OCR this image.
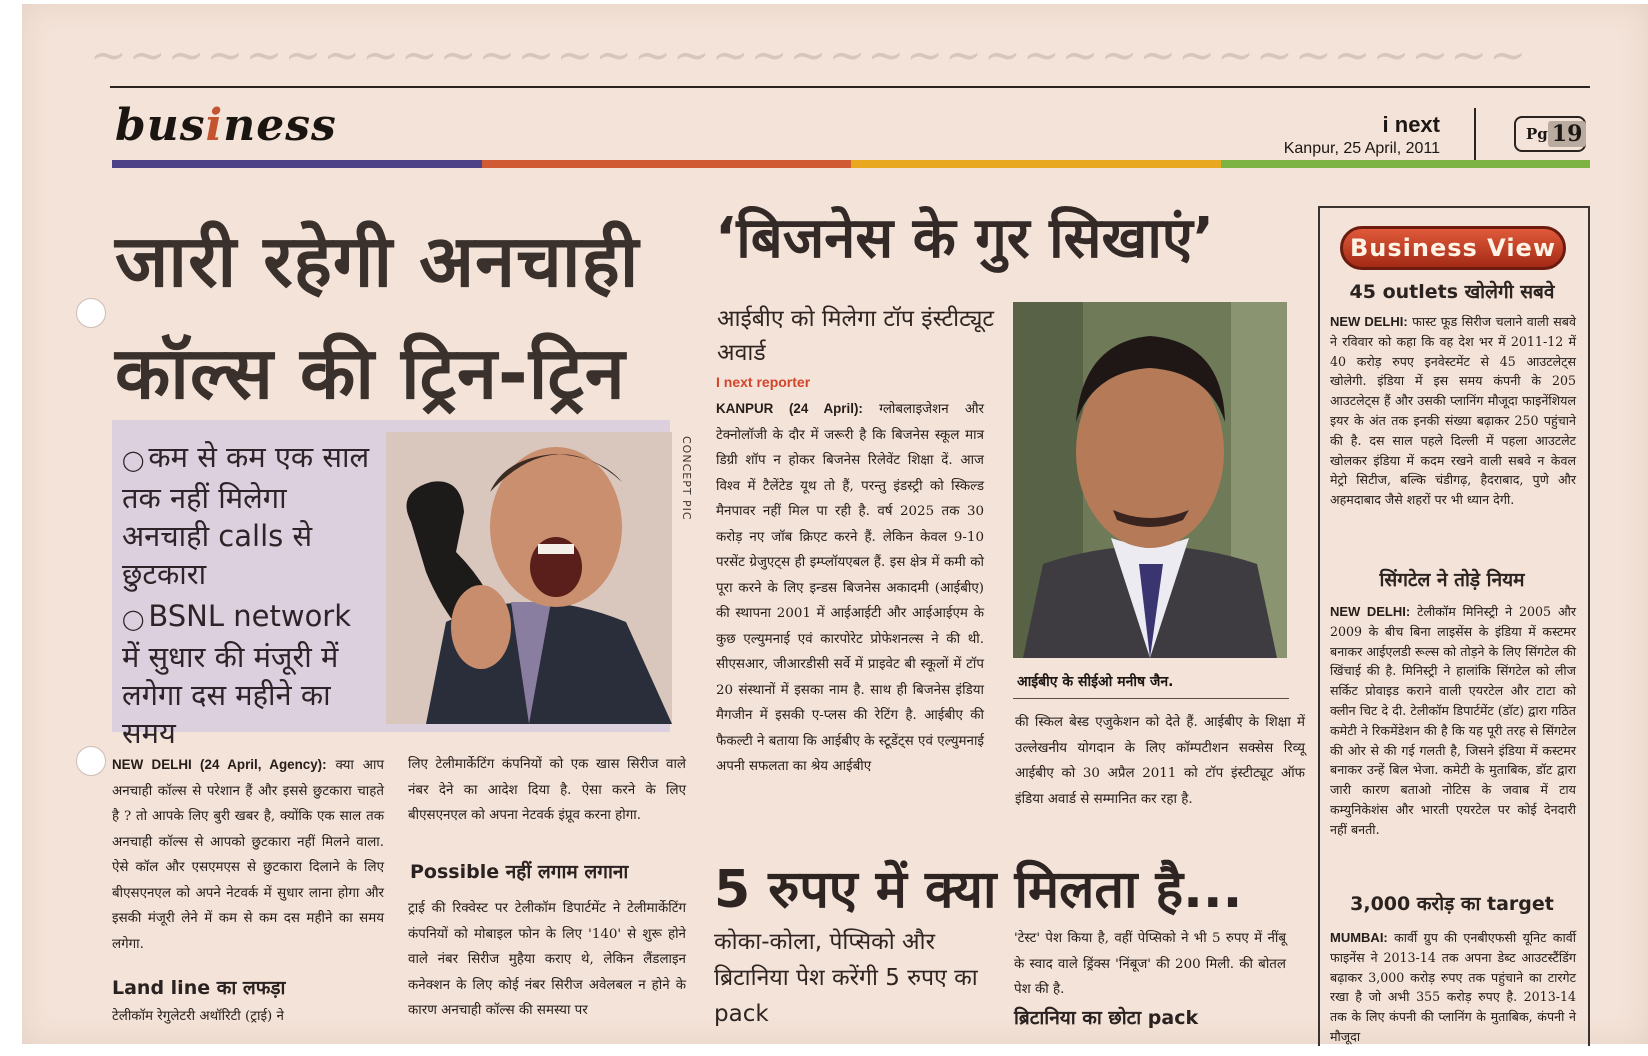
~~~~~~~~~~~~~~~~~~~~~~~~~~~~~~~~~~~~~
business	i next
Kanpur, 25 April, 2011
Pg 19
जारी रहेगी अनचाही कॉल्स की ट्रिन-ट्रिन
◯ कम से कम एक साल तक नहीं मिलेगा अनचाही calls से छुटकारा
◯ BSNL network में सुधार की मंजूरी में लगेगा दस महीने का समय
CONCEPT PIC
NEW DELHI (24 April, Agency): क्या आप अनचाही कॉल्स से परेशान हैं और इससे छुटकारा चाहते है ? तो आपके लिए बुरी खबर है, क्योंकि एक साल तक अनचाही कॉल्स से आपको छुटकारा नहीं मिलने वाला. ऐसे कॉल और एसएमएस से छुटकारा दिलाने के लिए बीएसएनएल को अपने नेटवर्क में सुधार लाना होगा और इसकी मंजूरी लेने में कम से कम दस महीने का समय लगेगा.
Land line का लफड़ा
टेलीकॉम रेगुलेटरी अथॉरिटी (ट्राई) ने
लिए टेलीमार्केटिंग कंपनियों को एक खास सिरीज वाले नंबर देने का आदेश दिया है. ऐसा करने के लिए बीएसएनएल को अपना नेटवर्क इंप्रूव करना होगा.
Possible नहीं लगाम लगाना
ट्राई की रिक्वेस्ट पर टेलीकॉम डिपार्टमेंट ने टेलीमार्केटिंग कंपनियों को मोबाइल फोन के लिए '140' से शुरू होने वाले नंबर सिरीज मुहैया कराए थे, लेकिन लैंडलाइन कनेक्शन के लिए कोई नंबर सिरीज अवेलबल न होने के कारण अनचाही कॉल्स की समस्या पर
‘बिजनेस के गुर सिखाएं’
आईबीए को मिलेगा टॉप इंस्टीट्यूट अवार्ड
I next reporter
KANPUR (24 April): ग्लोबलाइजेशन और टेक्नोलॉजी के दौर में जरूरी है कि बिजनेस स्कूल मात्र डिग्री शॉप न होकर बिजनेस रिलेवेंट शिक्षा दें. आज विश्व में टैलेंटेड यूथ तो हैं, परन्तु इंडस्ट्री को स्किल्ड मैनपावर नहीं मिल पा रही है. वर्ष 2025 तक 30 करोड़ नए जॉब क्रिएट करने हैं. लेकिन केवल 9-10 परसेंट ग्रेजुएट्स ही इम्प्लॉयएबल हैं. इस क्षेत्र में कमी को पूरा करने के लिए इन्डस बिजनेस अकादमी (आईबीए) की स्थापना 2001 में आईआईटी और आईआईएम के कुछ एल्युमनाई एवं कारपोरेट प्रोफेशनल्स ने की थी. सीएसआर, जीआरडीसी सर्वे में प्राइवेट बी स्कूलों में टॉप 20 संस्थानों में इसका नाम है. साथ ही बिजनेस इंडिया मैगजीन में इसकी ए-प्लस की रेटिंग है. आईबीए की फैकल्टी ने बताया कि आईबीए के स्टूडेंट्स एवं एल्युमनाई अपनी सफलता का श्रेय आईबीए
आईबीए के सीईओ मनीष जैन.
की स्किल बेस्ड एजुकेशन को देते हैं. आईबीए के शिक्षा में उल्लेखनीय योगदान के लिए कॉम्पटीशन सक्सेस रिव्यू आईबीए को 30 अप्रैल 2011 को टॉप इंस्टीट्यूट ऑफ इंडिया अवार्ड से सम्मानित कर रहा है.
5 रुपए में क्या मिलता है...
कोका-कोला, पेप्सिको और ब्रिटानिया पेश करेंगी 5 रुपए का pack
'टेस्ट' पेश किया है, वहीं पेप्सिको ने भी 5 रुपए में नींबू के स्वाद वाले ड्रिंक्स 'निंबूज' की 200 मिली. की बोतल पेश की है.
ब्रिटानिया का छोटा pack
Business View
45 outlets खोलेगी सबवे
NEW DELHI: फास्ट फूड सिरीज चलाने वाली सबवे ने रविवार को कहा कि वह देश भर में 2011-12 में 40 करोड़ रुपए इनवेस्टमेंट से 45 आउटलेट्स खोलेगी. इंडिया में इस समय कंपनी के 205 आउटलेट्स हैं और उसकी प्लानिंग मौजूदा फाइनेंशियल इयर के अंत तक इनकी संख्या बढ़ाकर 250 पहुंचाने की है. दस साल पहले दिल्ली में पहला आउटलेट खोलकर इंडिया में कदम रखने वाली सबवे न केवल मेट्रो सिटीज, बल्कि चंडीगढ़, हैदराबाद, पुणे और अहमदाबाद जैसे शहरों पर भी ध्यान देगी.
सिंगटेल ने तोड़े नियम
NEW DELHI: टेलीकॉम मिनिस्ट्री ने 2005 और 2009 के बीच बिना लाइसेंस के इंडिया में कस्टमर बनाकर आईएलडी रूल्स को तोड़ने के लिए सिंगटेल की खिंचाई की है. मिनिस्ट्री ने हालांकि सिंगटेल को लीज सर्किट प्रोवाइड कराने वाली एयरटेल और टाटा को क्लीन चिट दे दी. टेलीकॉम डिपार्टमेंट (डॉट) द्वारा गठित कमेटी ने रिकमेंडेशन की है कि यह पूरी तरह से सिंगटेल की ओर से की गई गलती है, जिसने इंडिया में कस्टमर बनाकर उन्हें बिल भेजा. कमेटी के मुताबिक, डॉट द्वारा जारी कारण बताओ नोटिस के जवाब में टाय कम्युनिकेशंस और भारती एयरटेल पर कोई देनदारी नहीं बनती.
3,000 करोड़ का target
MUMBAI: कार्वी ग्रुप की एनबीएफसी यूनिट कार्वी फाइनेंस ने 2013-14 तक अपना डेब्ट आउटस्टैंडिंग बढ़ाकर 3,000 करोड़ रुपए तक पहुंचाने का टारगेट रखा है जो अभी 355 करोड़ रुपए है. 2013-14 तक के लिए कंपनी की प्लानिंग के मुताबिक, कंपनी ने मौजूदा
